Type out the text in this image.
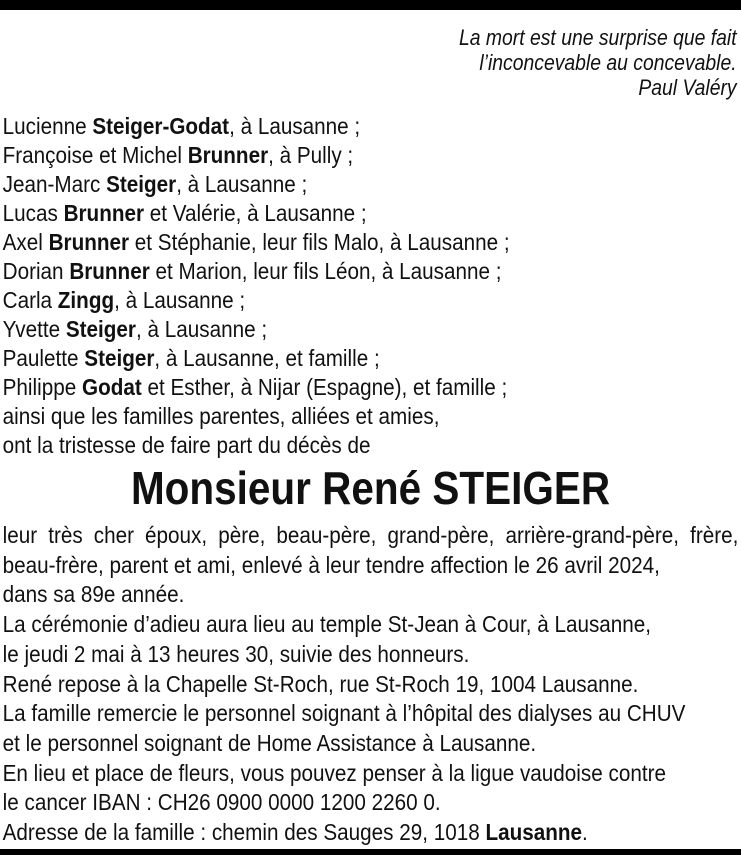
La mort est une surprise que fait
l’inconcevable au concevable.
Paul Valéry
Lucienne Steiger-Godat, à Lausanne ;
Françoise et Michel Brunner, à Pully ;
Jean-Marc Steiger, à Lausanne ;
Lucas Brunner et Valérie, à Lausanne ;
Axel Brunner et Stéphanie, leur fils Malo, à Lausanne ;
Dorian Brunner et Marion, leur fils Léon, à Lausanne ;
Carla Zingg, à Lausanne ;
Yvette Steiger, à Lausanne ;
Paulette Steiger, à Lausanne, et famille ;
Philippe Godat et Esther, à Nijar (Espagne), et famille ;
ainsi que les familles parentes, alliées et amies,
ont la tristesse de faire part du décès de
Monsieur René STEIGER
leur très cher époux, père, beau-père, grand-père, arrière-grand-père, frère,
beau-frère, parent et ami, enlevé à leur tendre affection le 26 avril 2024,
dans sa 89e année.
La cérémonie d’adieu aura lieu au temple St-Jean à Cour, à Lausanne,
le jeudi 2 mai à 13 heures 30, suivie des honneurs.
René repose à la Chapelle St-Roch, rue St-Roch 19, 1004 Lausanne.
La famille remercie le personnel soignant à l’hôpital des dialyses au CHUV
et le personnel soignant de Home Assistance à Lausanne.
En lieu et place de fleurs, vous pouvez penser à la ligue vaudoise contre
le cancer IBAN : CH26 0900 0000 1200 2260 0.
Adresse de la famille : chemin des Sauges 29, 1018 Lausanne.
